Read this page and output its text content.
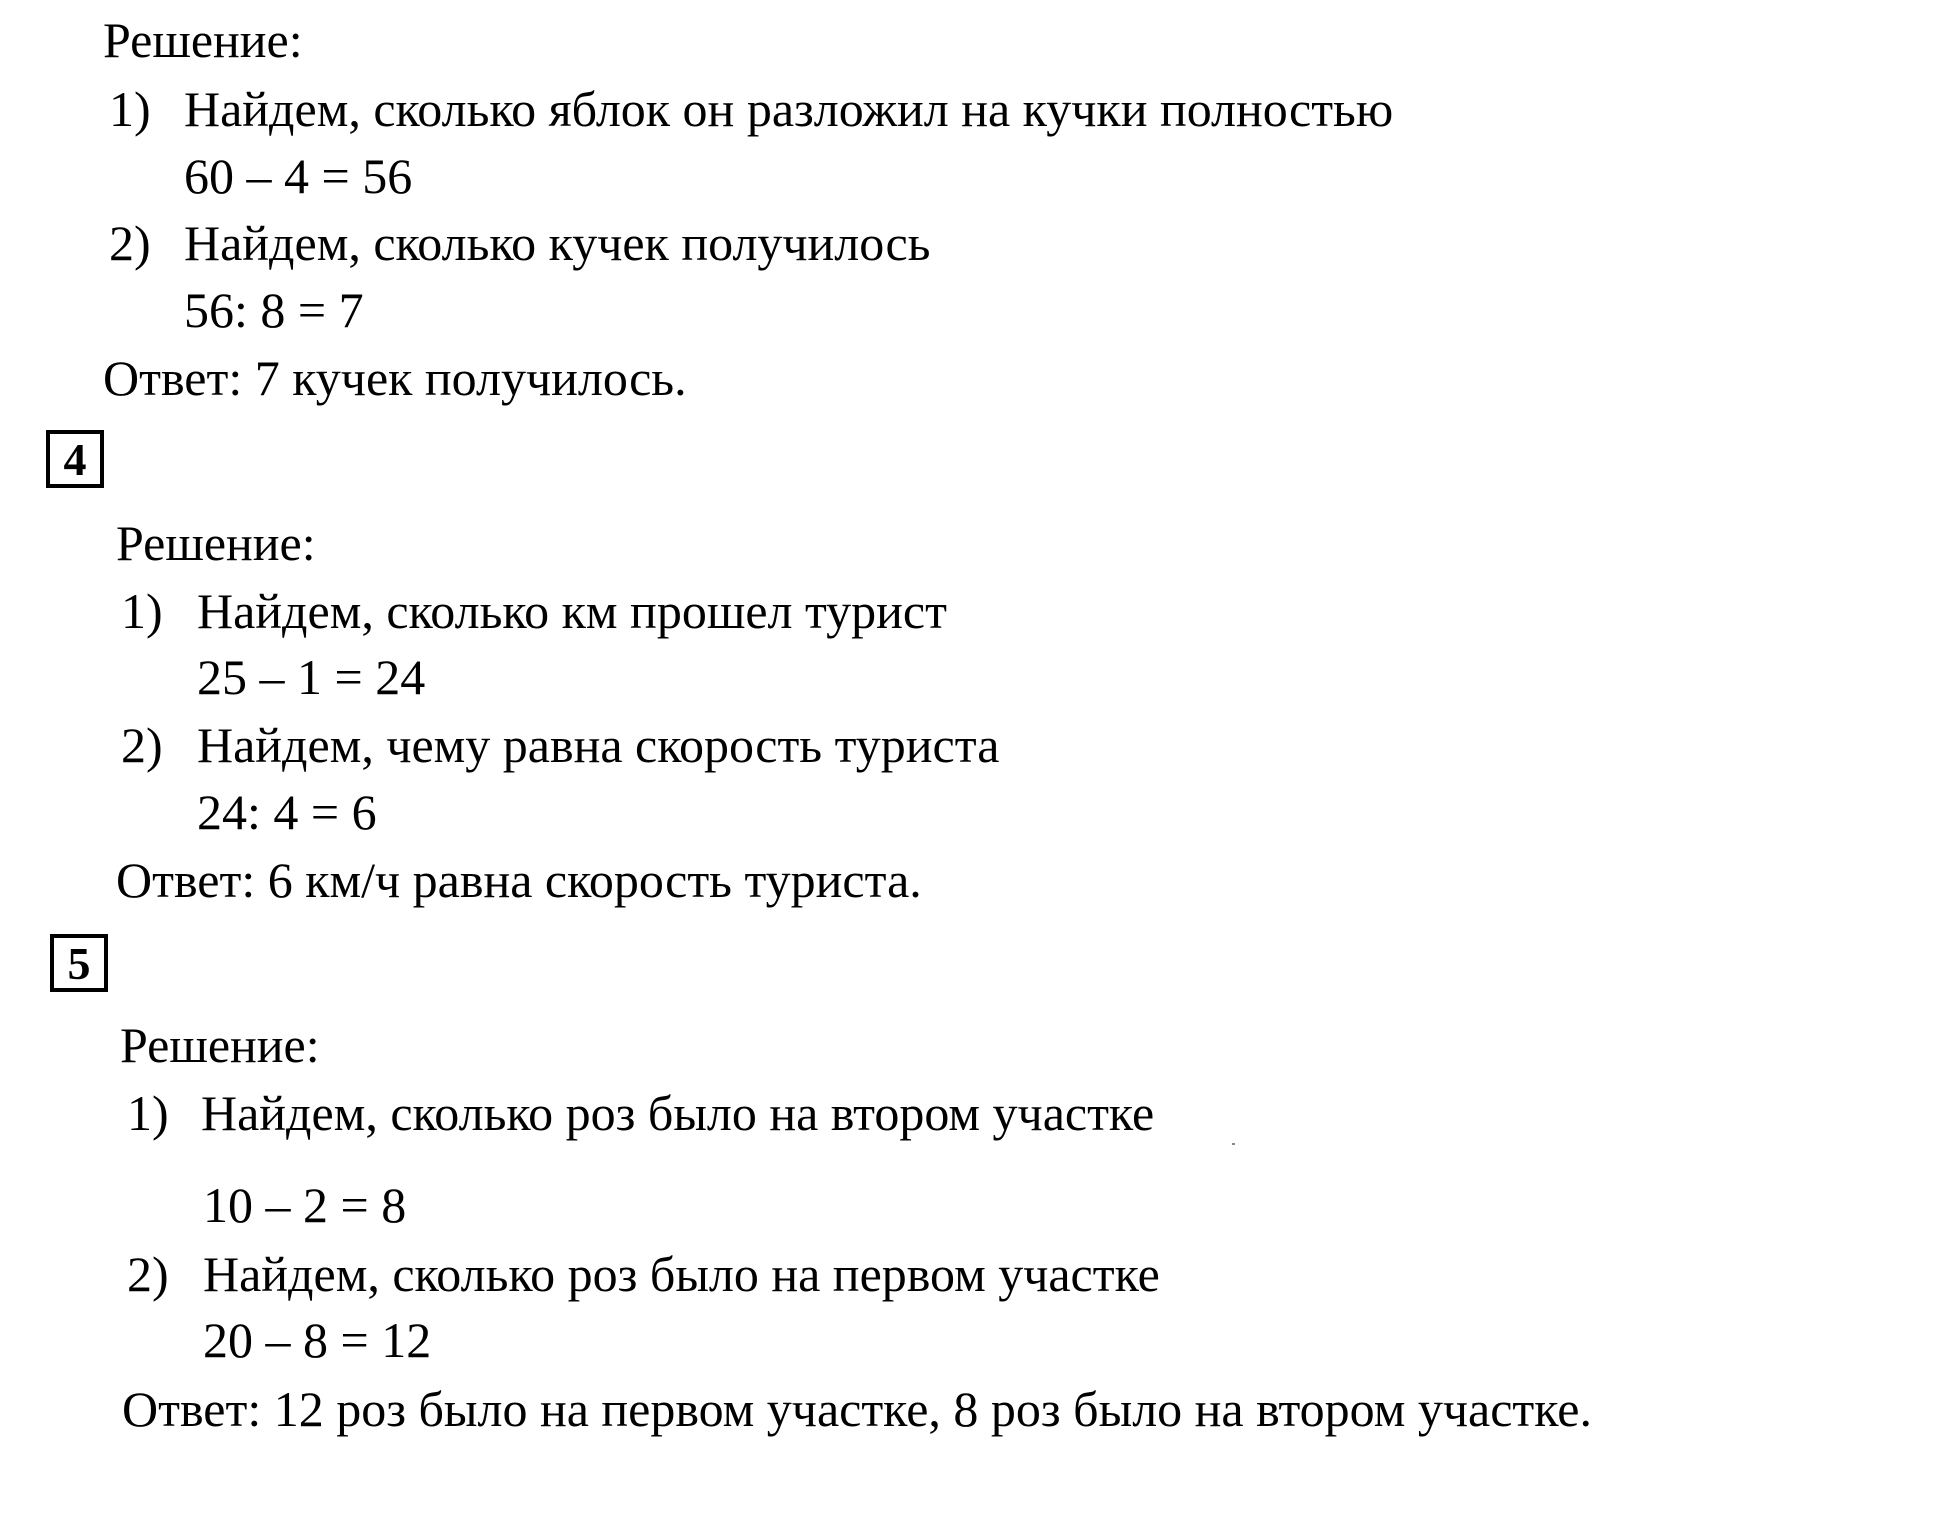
Решение:
1) Найдем, сколько яблок он разложил на кучки полностью
60 – 4 = 56
2) Найдем, сколько кучек получилось
56: 8 = 7
Ответ: 7 кучек получилось.
4
Решение:
1) Найдем, сколько км прошел турист
25 – 1 = 24
2) Найдем, чему равна скорость туриста
24: 4 = 6
Ответ: 6 км/ч равна скорость туриста.
5
Решение:
1) Найдем, сколько роз было на втором участке
10 – 2 = 8
2) Найдем, сколько роз было на первом участке
20 – 8 = 12
Ответ: 12 роз было на первом участке, 8 роз было на втором участке.
